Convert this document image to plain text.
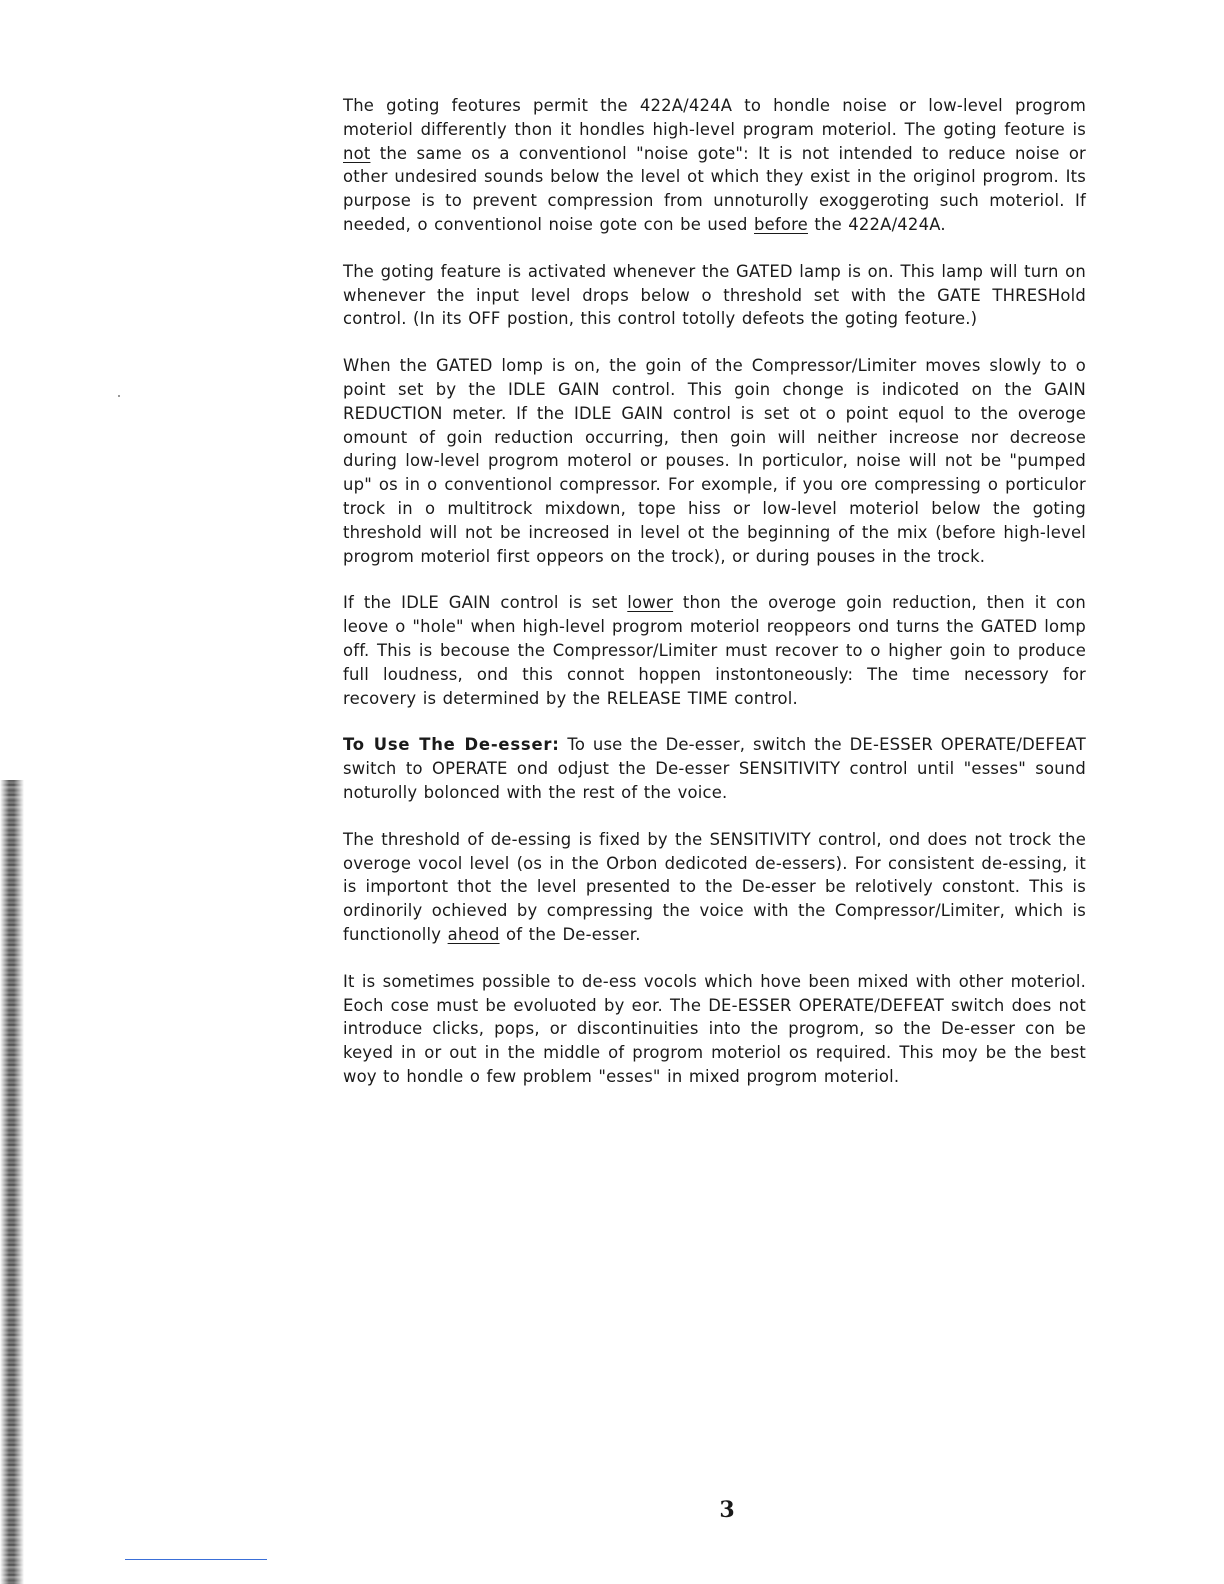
The goting feotures permit the 422A/424A to hondle noise or low-level progrom moteriol differently thon it hondles high-level program moteriol. The goting feoture is not the same os a conventionol "noise gote": It is not intended to reduce noise or other undesired sounds below the level ot which they exist in the originol progrom. Its purpose is to prevent compression from unnoturolly exoggeroting such moteriol. If needed, o conventionol noise gote con be used before the 422A/424A.

The goting feature is activated whenever the GATED lamp is on. This lamp will turn on whenever the input level drops below o threshold set with the GATE THRESHold control. (In its OFF postion, this control totolly defeots the goting feoture.)

When the GATED lomp is on, the goin of the Compressor/Limiter moves slowly to o point set by the IDLE GAIN control. This goin chonge is indicoted on the GAIN REDUCTION meter. If the IDLE GAIN control is set ot o point equol to the overoge omount of goin reduction occurring, then goin will neither increose nor decreose during low-level progrom moterol or pouses. In porticulor, noise will not be "pumped up" os in o conventionol compressor. For exomple, if you ore compressing o porticulor trock in o multitrock mixdown, tope hiss or low-level moteriol below the goting threshold will not be increosed in level ot the beginning of the mix (before high-level progrom moteriol first oppeors on the trock), or during pouses in the trock.

If the IDLE GAIN control is set lower thon the overoge goin reduction, then it con leove o "hole" when high-level progrom moteriol reoppeors ond turns the GATED lomp off. This is becouse the Compressor/Limiter must recover to o higher goin to produce full loudness, ond this connot hoppen instontoneously: The time necessory for recovery is determined by the RELEASE TIME control.

To Use The De-esser: To use the De-esser, switch the DE-ESSER OPERATE/DEFEAT switch to OPERATE ond odjust the De-esser SENSITIVITY control until "esses" sound noturolly bolonced with the rest of the voice.

The threshold of de-essing is fixed by the SENSITIVITY control, ond does not trock the overoge vocol level (os in the Orbon dedicoted de-essers). For consistent de-essing, it is importont thot the level presented to the De-esser be relotively constont. This is ordinorily ochieved by compressing the voice with the Compressor/Limiter, which is functionolly aheod of the De-esser.

It is sometimes possible to de-ess vocols which hove been mixed with other moteriol. Eoch cose must be evoluoted by eor. The DE-ESSER OPERATE/DEFEAT switch does not introduce clicks, pops, or discontinuities into the progrom, so the De-esser con be keyed in or out in the middle of progrom moteriol os required. This moy be the best woy to hondle o few problem "esses" in mixed progrom moteriol.

3
